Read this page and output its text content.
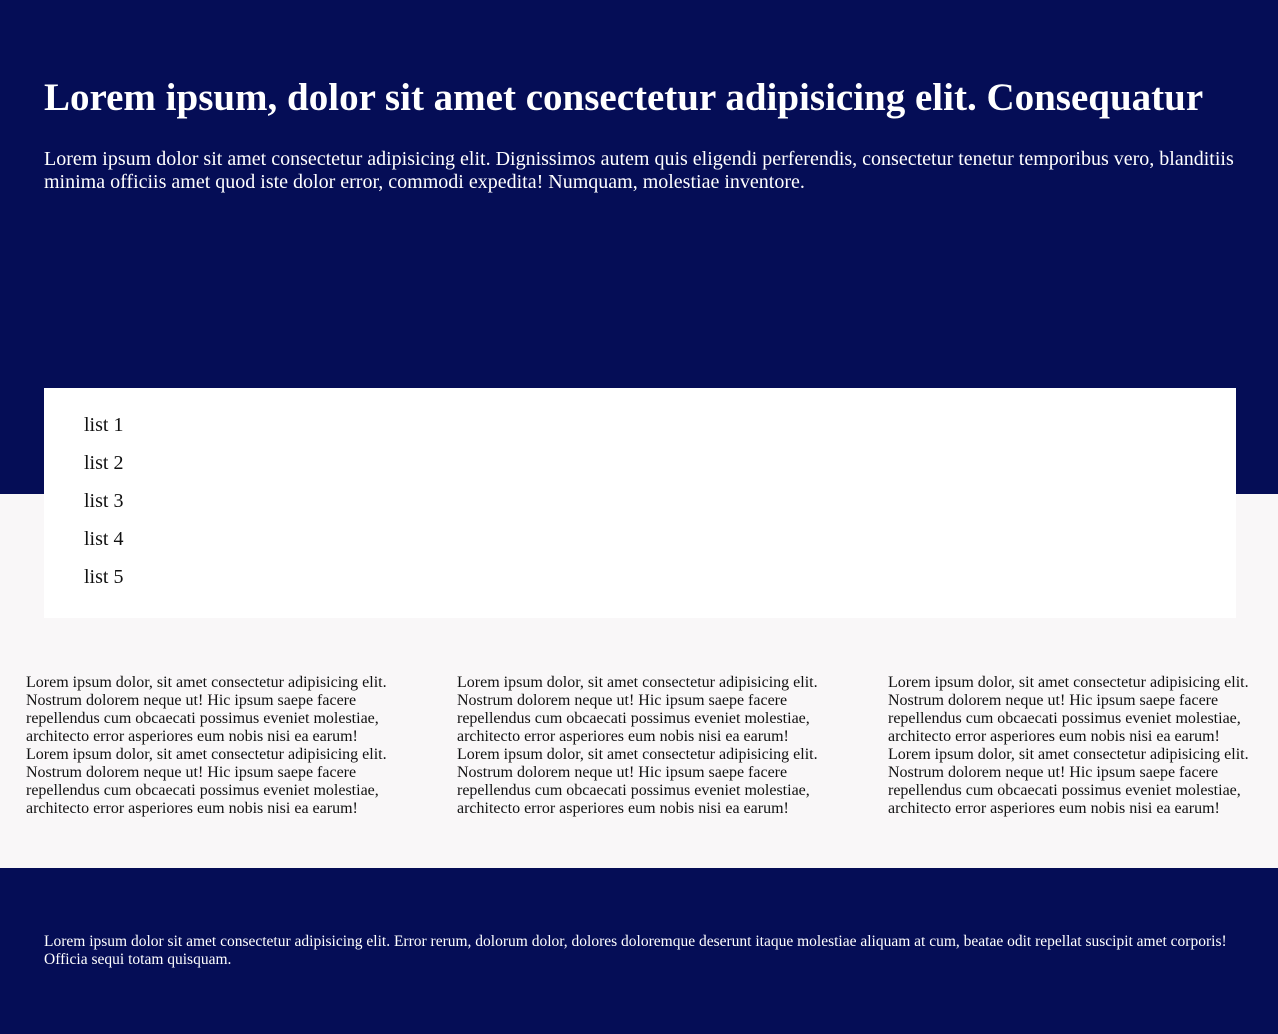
Lorem ipsum, dolor sit amet consectetur adipisicing elit. Consequatur

Lorem ipsum dolor sit amet consectetur adipisicing elit. Dignissimos autem quis eligendi perferendis, consectetur tenetur temporibus vero, blanditiis minima officiis amet quod iste dolor error, commodi expedita! Numquam, molestiae inventore.

list 1
list 2
list 3
list 4
list 5
Lorem ipsum dolor, sit amet consectetur adipisicing elit. Nostrum dolorem neque ut! Hic ipsum saepe facere repellendus cum obcaecati possimus eveniet molestiae, architecto error asperiores eum nobis nisi ea earum! Lorem ipsum dolor, sit amet consectetur adipisicing elit. Nostrum dolorem neque ut! Hic ipsum saepe facere repellendus cum obcaecati possimus eveniet molestiae, architecto error asperiores eum nobis nisi ea earum!
Lorem ipsum dolor, sit amet consectetur adipisicing elit. Nostrum dolorem neque ut! Hic ipsum saepe facere repellendus cum obcaecati possimus eveniet molestiae, architecto error asperiores eum nobis nisi ea earum! Lorem ipsum dolor, sit amet consectetur adipisicing elit. Nostrum dolorem neque ut! Hic ipsum saepe facere repellendus cum obcaecati possimus eveniet molestiae, architecto error asperiores eum nobis nisi ea earum!
Lorem ipsum dolor, sit amet consectetur adipisicing elit. Nostrum dolorem neque ut! Hic ipsum saepe facere repellendus cum obcaecati possimus eveniet molestiae, architecto error asperiores eum nobis nisi ea earum! Lorem ipsum dolor, sit amet consectetur adipisicing elit. Nostrum dolorem neque ut! Hic ipsum saepe facere repellendus cum obcaecati possimus eveniet molestiae, architecto error asperiores eum nobis nisi ea earum!

Lorem ipsum dolor sit amet consectetur adipisicing elit. Error rerum, dolorum dolor, dolores doloremque deserunt itaque molestiae aliquam at cum, beatae odit repellat suscipit amet corporis! Officia sequi totam quisquam.
